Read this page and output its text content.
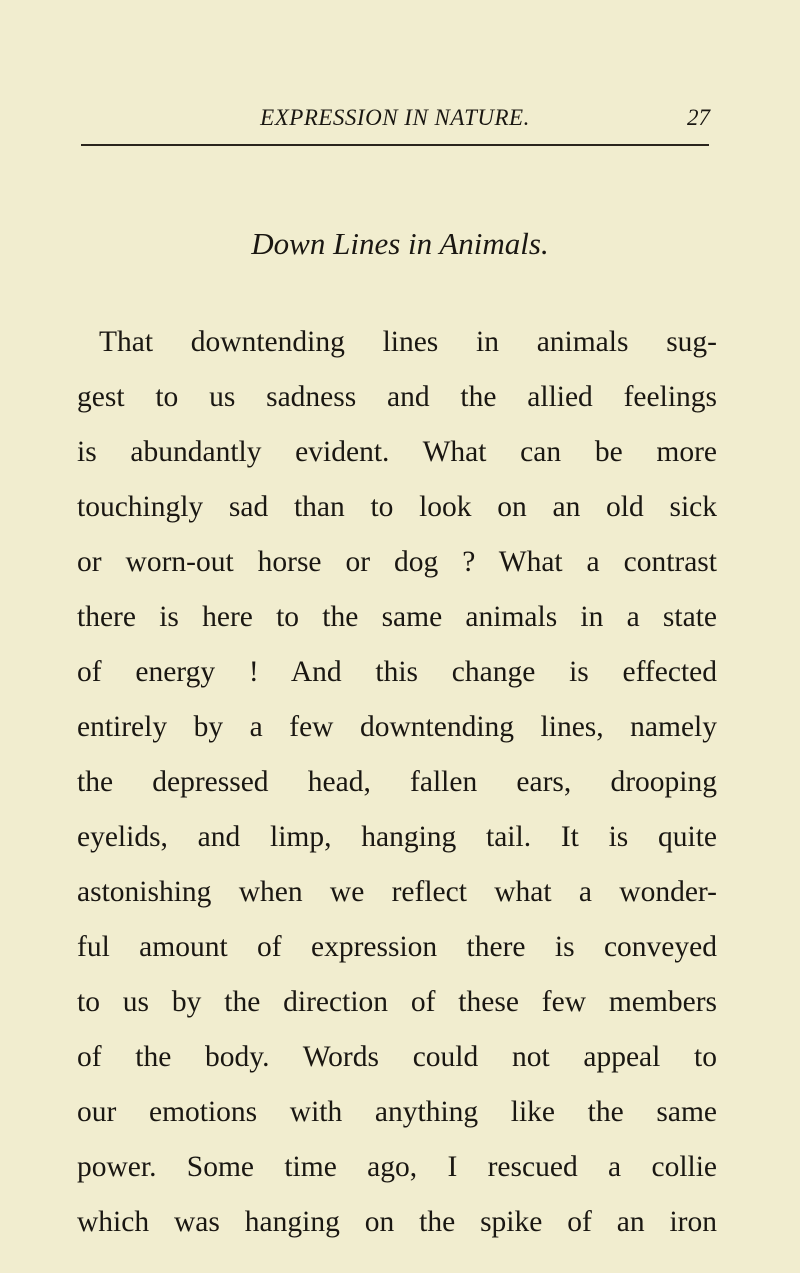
EXPRESSION IN NATURE.	27
Down Lines in Animals.
That downtending lines in animals sug-
gest to us sadness and the allied feelings
is abundantly evident. What can be more
touchingly sad than to look on an old sick
or worn-out horse or dog ? What a contrast
there is here to the same animals in a state
of energy ! And this change is effected
entirely by a few downtending lines, namely
the depressed head, fallen ears, drooping
eyelids, and limp, hanging tail. It is quite
astonishing when we reflect what a wonder-
ful amount of expression there is conveyed
to us by the direction of these few members
of the body. Words could not appeal to
our emotions with anything like the same
power. Some time ago, I rescued a collie
which was hanging on the spike of an iron
